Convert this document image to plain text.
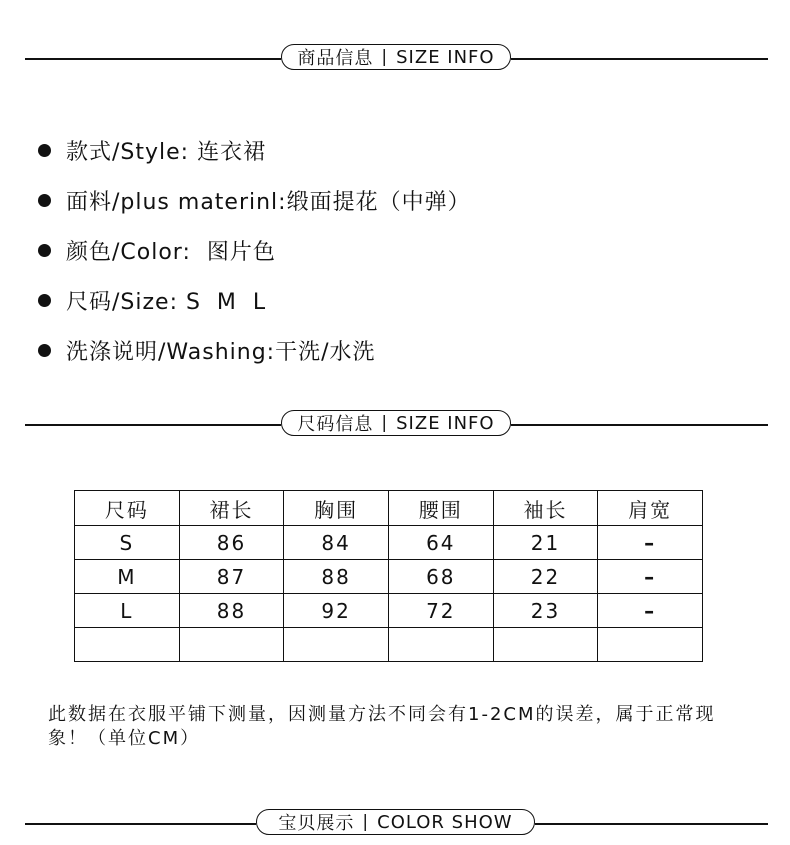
商品信息 | SIZE INFO
款式/Style: 连衣裙
面料/plus materinl:缎面提花（中弹）
颜色/Color:  图片色
尺码/Size: S  M  L
洗涤说明/Washing:干洗/水洗
尺码信息 | SIZE INFO
尺码	裙长	胸围	腰围	袖长	肩宽
S	86	84	64	21	–
M	87	88	68	22	–
L	88	92	72	23	–

此数据在衣服平铺下测量，因测量方法不同会有1-2CM的误差，属于正常现象！（单位CM）
宝贝展示 | COLOR SHOW
